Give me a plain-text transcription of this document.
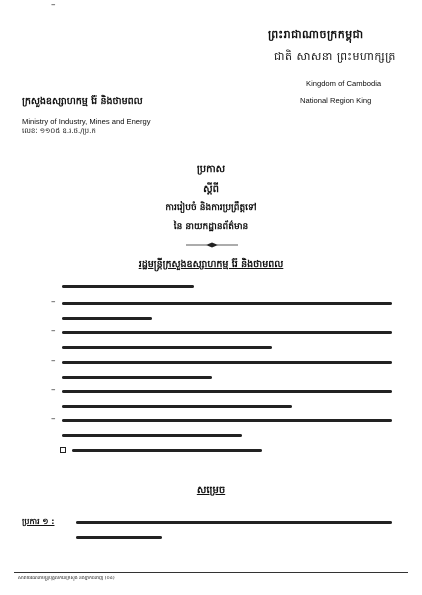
ព្រះរាជាណាចក្រកម្ពុជា
ជាតិ សាសនា ព្រះមហាក្សត្រ
Kingdom of Cambodia
National Region King
ក្រសួងឧស្សាហកម្ម រ៉ែ និងថាមពល
Ministry of Industry, Mines and Energy
លេខៈ ១១០៥ ឧ.រ.ថ./ប្រ.ក
ប្រកាស
ស្តីពី
ការរៀបចំ និងការប្រព្រឹត្តទៅ
នៃ នាយកដ្ឋានព័ត៌មាន
រដ្ឋមន្ត្រីក្រសួងឧស្សាហកម្ម រ៉ែ និងថាមពល
–
–
–
–
–
–
សម្រេច
ប្រការ ១ :
សារាចរណែនាំមន្ត្រីបុគ្គលិកនៃក្រសួង និងថ្នាក់ជំនាញ (០៤)
